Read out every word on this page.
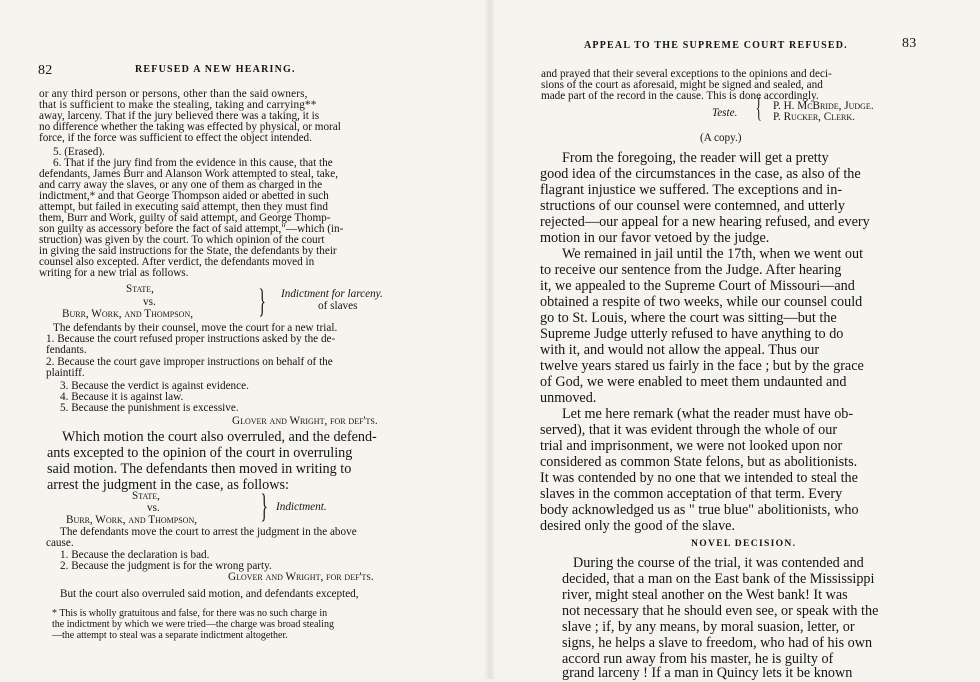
82	REFUSED A NEW HEARING.
or any third person or persons, other than the said owners,
that is sufficient to make the stealing, taking and carrying**
away, larceny. That if the jury believed there was a taking, it is
no difference whether the taking was effected by physical, or moral
force, if the force was sufficient to effect the object intended.
5. (Erased).
6. That if the jury find from the evidence in this cause, that the
defendants, James Burr and Alanson Work attempted to steal, take,
and carry away the slaves, or any one of them as charged in the
indictment,* and that George Thompson aided or abetted in such
attempt, but failed in executing said attempt, then they must find
them, Burr and Work, guilty of said attempt, and George Thomp-
son guilty as accessory before the fact of said attempt,"—which (in-
struction) was given by the court. To which opinion of the court
in giving the said instructions for the State, the defendants by their
counsel also excepted. After verdict, the defendants moved in
writing for a new trial as follows.
State,
vs.
Burr, Work, and Thompson, } Indictment for larceny.
of slaves
The defendants by their counsel, move the court for a new trial.
1. Because the court refused proper instructions asked by the de-
fendants.
2. Because the court gave improper instructions on behalf of the
plaintiff.
3. Because the verdict is against evidence.
4. Because it is against law.
5. Because the punishment is excessive.
Glover and Wright, for def'ts.
Which motion the court also overruled, and the defend-
ants excepted to the opinion of the court in overruling
said motion. The defendants then moved in writing to
arrest the judgment in the case, as follows:
State,
vs.
Burr, Work, and Thompson, } Indictment.
The defendants move the court to arrest the judgment in the above
cause.
1. Because the declaration is bad.
2. Because the judgment is for the wrong party.
Glover and Wright, for def'ts.
But the court also overruled said motion, and defendants excepted,
* This is wholly gratuitous and false, for there was no such charge in
the indictment by which we were tried—the charge was broad stealing
—the attempt to steal was a separate indictment altogether.
APPEAL TO THE SUPREME COURT REFUSED.	83
and prayed that their several exceptions to the opinions and deci-
sions of the court as aforesaid, might be signed and sealed, and
made part of the record in the cause. This is done accordingly.
Teste. { P. H. McBride, Judge.
P. Rucker, Clerk.
(A copy.)
From the foregoing, the reader will get a pretty
good idea of the circumstances in the case, as also of the
flagrant injustice we suffered. The exceptions and in-
structions of our counsel were contemned, and utterly
rejected—our appeal for a new hearing refused, and every
motion in our favor vetoed by the judge.
We remained in jail until the 17th, when we went out
to receive our sentence from the Judge. After hearing
it, we appealed to the Supreme Court of Missouri—and
obtained a respite of two weeks, while our counsel could
go to St. Louis, where the court was sitting—but the
Supreme Judge utterly refused to have anything to do
with it, and would not allow the appeal. Thus our
twelve years stared us fairly in the face ; but by the grace
of God, we were enabled to meet them undaunted and
unmoved.
Let me here remark (what the reader must have ob-
served), that it was evident through the whole of our
trial and imprisonment, we were not looked upon nor
considered as common State felons, but as abolitionists.
It was contended by no one that we intended to steal the
slaves in the common acceptation of that term. Every
body acknowledged us as " true blue" abolitionists, who
desired only the good of the slave.
NOVEL DECISION.
During the course of the trial, it was contended and
decided, that a man on the East bank of the Mississippi
river, might steal another on the West bank! It was
not necessary that he should even see, or speak with the
slave ; if, by any means, by moral suasion, letter, or
signs, he helps a slave to freedom, who had of his own
accord run away from his master, he is guilty of
grand larceny ! If a man in Quincy lets it be known
